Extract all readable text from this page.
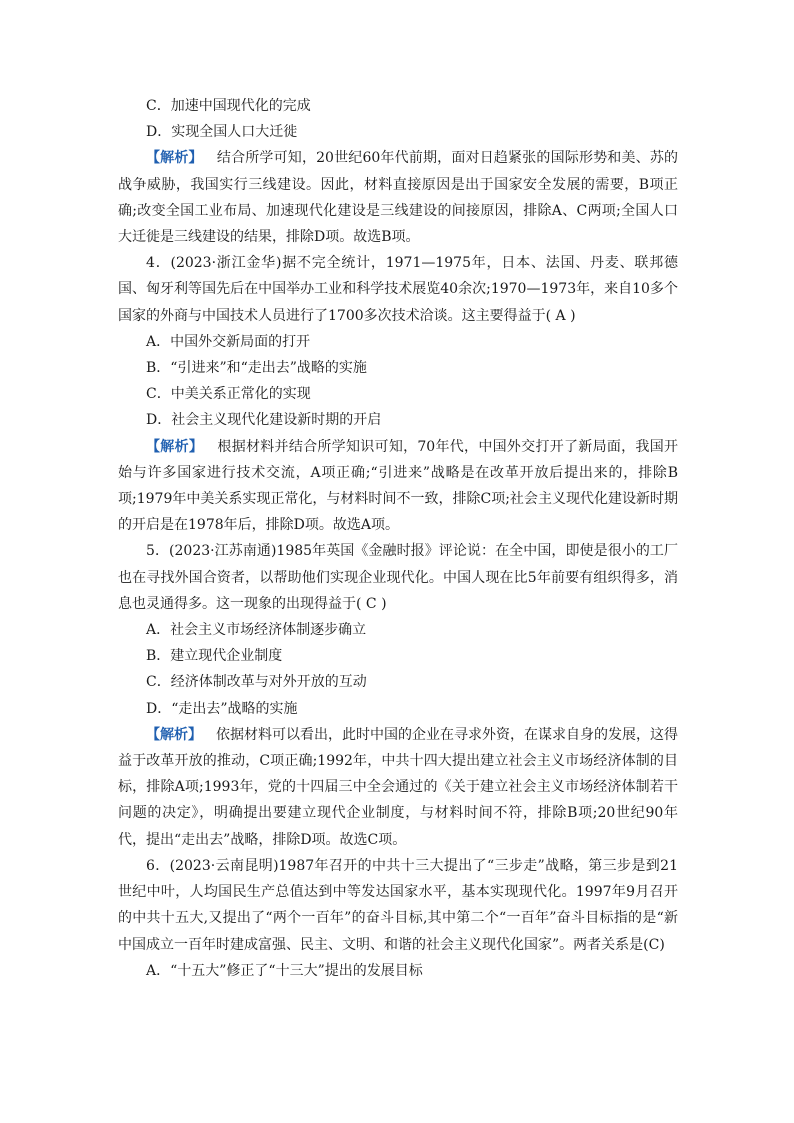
C．加速中国现代化的完成

D．实现全国人口大迁徙

【解析】 结合所学可知，20世纪60年代前期，面对日趋紧张的国际形势和美、苏的战争威胁，我国实行三线建设。因此，材料直接原因是出于国家安全发展的需要，B项正确;改变全国工业布局、加速现代化建设是三线建设的间接原因，排除A、C两项;全国人口大迁徙是三线建设的结果，排除D项。故选B项。

4．(2023·浙江金华)据不完全统计，1971—1975年，日本、法国、丹麦、联邦德国、匈牙利等国先后在中国举办工业和科学技术展览40余次;1970—1973年，来自10多个国家的外商与中国技术人员进行了1700多次技术洽谈。这主要得益于( A )

A．中国外交新局面的打开

B．“引进来”和“走出去”战略的实施

C．中美关系正常化的实现

D．社会主义现代化建设新时期的开启

【解析】 根据材料并结合所学知识可知，70年代，中国外交打开了新局面，我国开始与许多国家进行技术交流，A项正确;“引进来”战略是在改革开放后提出来的，排除B项;1979年中美关系实现正常化，与材料时间不一致，排除C项;社会主义现代化建设新时期的开启是在1978年后，排除D项。故选A项。

5．(2023·江苏南通)1985年英国《金融时报》评论说：在全中国，即使是很小的工厂也在寻找外国合资者，以帮助他们实现企业现代化。中国人现在比5年前要有组织得多，消息也灵通得多。这一现象的出现得益于( C )

A．社会主义市场经济体制逐步确立

B．建立现代企业制度

C．经济体制改革与对外开放的互动

D．“走出去”战略的实施

【解析】 依据材料可以看出，此时中国的企业在寻求外资，在谋求自身的发展，这得益于改革开放的推动，C项正确;1992年，中共十四大提出建立社会主义市场经济体制的目标，排除A项;1993年，党的十四届三中全会通过的《关于建立社会主义市场经济体制若干问题的决定》，明确提出要建立现代企业制度，与材料时间不符，排除B项;20世纪90年代，提出“走出去”战略，排除D项。故选C项。

6．(2023·云南昆明)1987年召开的中共十三大提出了“三步走”战略，第三步是到21世纪中叶，人均国民生产总值达到中等发达国家水平，基本实现现代化。1997年9月召开的中共十五大,又提出了“两个一百年”的奋斗目标,其中第二个“一百年”奋斗目标指的是“新中国成立一百年时建成富强、民主、文明、和谐的社会主义现代化国家”。两者关系是(C)

A．“十五大”修正了“十三大”提出的发展目标
